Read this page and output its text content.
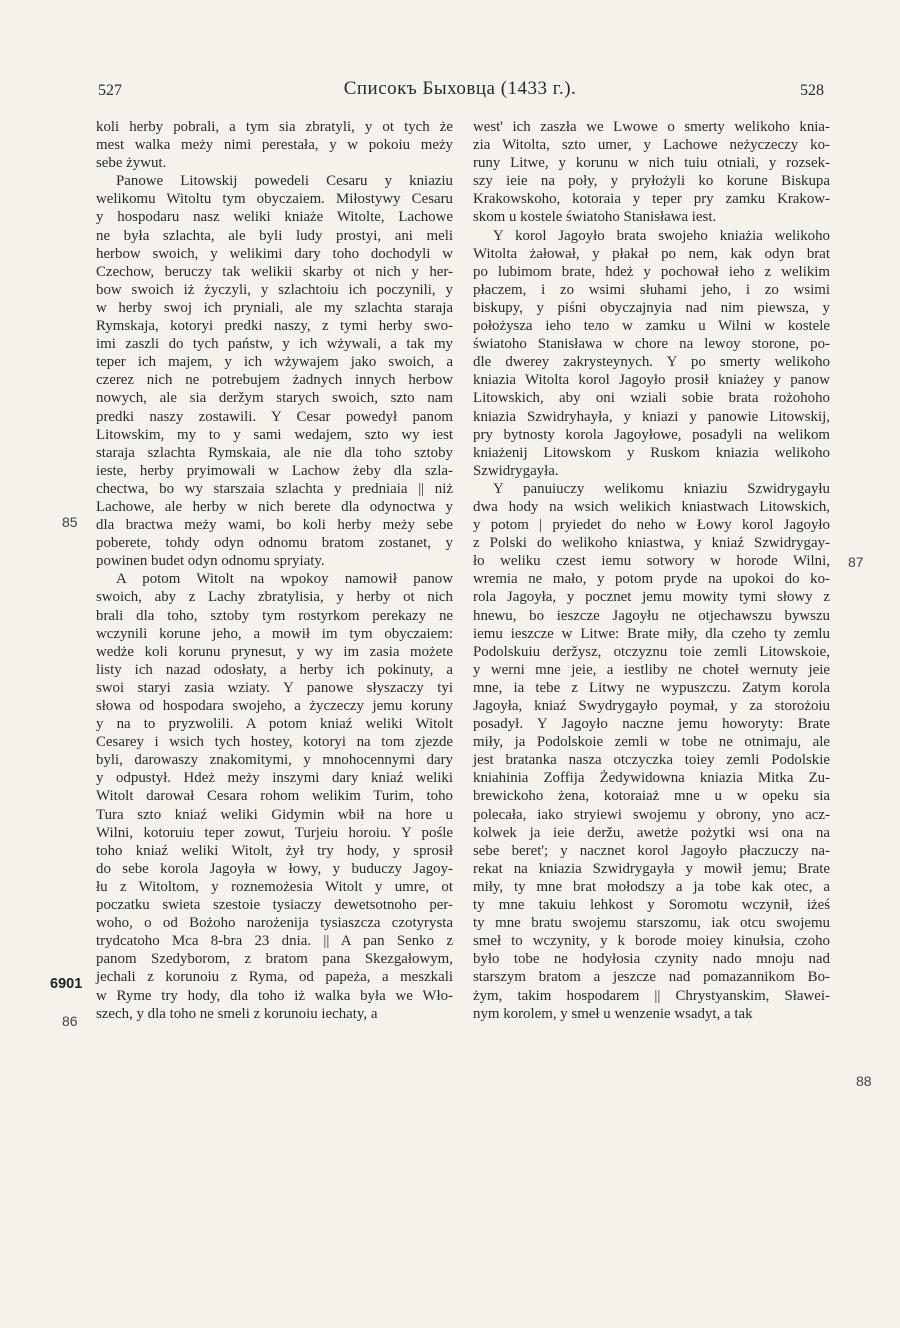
527	Списокъ Быховца (1433 г.).	528
koli herby pobrali, a tym sia zbratyli, y ot tych że
mest walka meży nimi perestała, y w pokoiu meży
sebe żywut.
Panowe Litowskij powedeli Cesaru y kniaziu
welikomu Witoltu tym obyczaiem. Miłostywy Cesaru
y hospodaru nasz weliki kniaże Witolte, Lachowe
ne była szlachta, ale byli ludy prostyi, ani meli
herbow swoich, y welikimi dary toho dochodyli w
Czechow, beruczy tak welikii skarby ot nich y her-
bow swoich iż życzyli, y szlachtoiu ich poczynili, y
w herby swoj ich pryniali, ale my szlachta staraja
Rymskaja, kotoryi predki naszy, z tymi herby swo-
imi zaszli do tych państw, y ich wżywali, a tak my
teper ich majem, y ich wżywajem jako swoich, a
czerez nich ne potrebujem żadnych innych herbow
nowych, ale sia deržym starych swoich, szto nam
predki naszy zostawili. Y Cesar powedył panom
Litowskim, my to y sami wedajem, szto wy iest
staraja szlachta Rymskaia, ale nie dla toho sztoby
ieste, herby pryimowali w Lachow żeby dla szla-
chectwa, bo wy starszaia szlachta y predniaia || niż
Lachowe, ale herby w nich berete dla odynoctwa y
dla bractwa meży wami, bo koli herby meży sebe
poberete, tohdy odyn odnomu bratom zostanet, y
powinen budet odyn odnomu spryiaty.
A potom Witolt na wpokoy namowił panow
swoich, aby z Lachy zbratylisia, y herby ot nich
brali dla toho, sztoby tym rostyrkom perekazy ne
wczynili korune jeho, a mowił im tym obyczaiem:
wedże koli korunu prynesut, y wy im zasia możete
listy ich nazad odosłaty, a herby ich pokinuty, a
swoi staryi zasia wziaty. Y panowe słyszaczy tyi
słowa od hospodara swojeho, a życzeczy jemu koruny
y na to pryzwolili. A potom kniaź weliki Witolt
Cesarey i wsich tych hostey, kotoryi na tom zjezde
byli, darowaszy znakomitymi, y mnohocennymi dary
y odpustył. Hdeż meży inszymi dary kniaź weliki
Witolt darował Cesara rohom welikim Turim, toho
Tura szto kniaź weliki Gidymin wbił na hore u
Wilni, kotoruiu teper zowut, Turjeiu horoiu. Y poślе
toho kniaź weliki Witolt, żył try hody, y sprosił
do sebe korola Jagoyła w łowy, y buduczy Jagoy-
łu z Witoltom, y roznemożesia Witolt y umre, ot
poczatku swieta szestoie tysiaczy dewetsotnoho per-
woho, o od Bożoho narożenija tysiaszcza czotyrysta
trydcatoho Mca 8-bra 23 dnia. || A pan Senko z
panom Szedyborom, z bratom pana Skezgałowym,
jechali z korunoiu z Ryma, od papeża, a meszkali
w Ryme try hody, dla toho iż walka była we Wło-
szech, y dla toho ne smeli z korunoiu iechaty, a
west' ich zaszła we Lwowe o smerty welikoho knia-
zia Witolta, szto umer, y Lachowe neżyczeczy ko-
runy Litwe, y korunu w nich tuiu otniali, y rozsek-
szy ieie na poły, y pryłożyli ko korune Biskupa
Krakowskoho, kotoraia y teper pry zamku Krakow-
skom u kostele światoho Stanisława iest.
Y korol Jagoyło brata swojeho kniażia welikoho
Witolta żałował, y płakał po nem, kak odyn brat
po lubimom brate, hdeż y pochował ieho z welikim
płaczem, i zo wsimi słuhami jeho, i zo wsimi
biskupy, y piśni obyczajnyia nad nim piewsza, y
położysza ieho tело w zamku u Wilni w kostele
światoho Stanisława w chore na lewoy storone, po-
dle dwerey zakrysteynych. Y po smerty welikoho
kniazia Witolta korol Jagoyło prosił kniażey y panow
Litowskich, aby oni wziali sobie brata rożohoho
kniazia Szwidryhayła, y kniazi y panowie Litowskij,
pry bytnosty korola Jagoyłowe, posadyli na welikom
kniażenij Litowskom y Ruskom kniazia welikoho
Szwidrygayła.
Y panuiuczy welikomu kniaziu Szwidrygayłu
dwa hody na wsich welikich kniastwach Litowskich,
y potom | pryiedet do neho w Łowy korol Jagoyło
z Polski do welikoho kniastwa, y kniaź Szwidrygay-
ło weliku czest iemu sotwory w horode Wilni,
wremia ne mało, y potom pryde na upokoi do ko-
rola Jagoyła, y pocznet jemu mowity tymi słowy z
hnewu, bo ieszcze Jagoyłu ne otjechawszu bywszu
iemu ieszcze w Litwe: Brate miły, dla czeho ty zemlu
Podolskuiu deržysz, otczyznu toie zemli Litowskoie,
y werni mne jeie, a iestliby ne choteł wernuty jeie
mne, ia tebe z Litwy ne wypuszczu. Zatym korola
Jagoyła, kniaź Swydrygayło poymał, y za storożoiu
posadył. Y Jagoyło naczne jemu howoryty: Brate
miły, ja Podolskoie zemli w tobe ne otnimaju, ale
jest bratanka nasza otczyczka toiey zemli Podolskie
kniahinia Zoffija Żedywidowna kniazia Mitka Zu-
brewickoho żena, kotoraiaż mne u w opeku sia
polecała, iako stryiewi swojemu y obrony, yno acz-
kolwek ja ieie deržu, awetże pożytki wsi ona na
sebe beret'; y nacznet korol Jagoyło płaczuczy na-
rekat na kniazia Szwidrygayła y mowił jemu; Brate
miły, ty mne brat mołodszy a ja tobe kak otec, a
ty mne takuiu lehkost y Soromotu wczynił, iżeś
ty mne bratu swojemu starszomu, iak otcu swojemu
smeł to wczynity, y k borode moiey kinułsia, czoho
było tobe ne hodyłosia czynity nado mnoju nad
starszym bratom a jeszcze nad pomazannikom Bo-
żym, takim hospodarem || Chrystyanskim, Sławei-
nym korolem, y smeł u wenzenie wsadyt, a tak
85
87
6901
86
88
